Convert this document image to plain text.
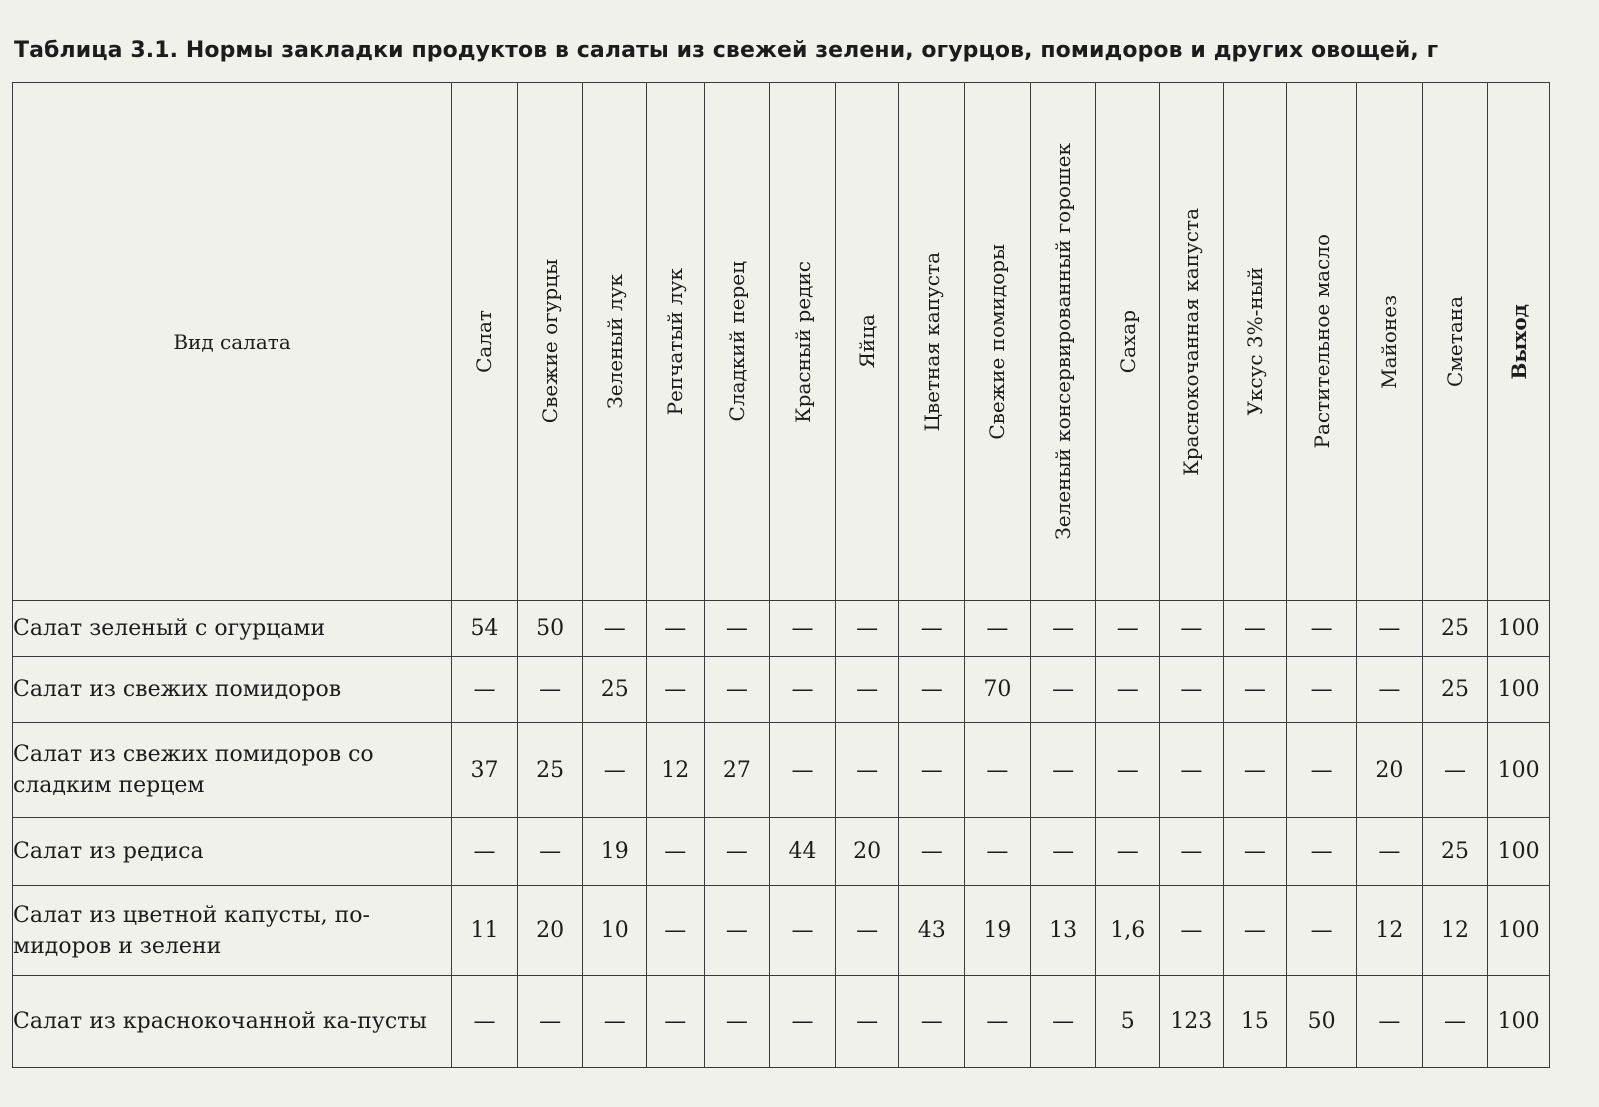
Таблица 3.1. Нормы закладки продуктов в салаты из свежей зелени, огурцов, помидоров и других овощей, г
Вид салата	Салат	Свежие огурцы	Зеленый лук	Репчатый лук	Сладкий перец	Красный редис	Яйца	Цветная капуста	Свежие помидоры	Зеленый консервированный горошек	Сахар	Краснокочанная капуста	Уксус 3%-ный	Растительное масло	Майонез	Сметана	Выход

Салат зеленый с огурцами	54	50	—	—	—	—	—	—	—	—	—	—	—	—	—	25	100
Салат из свежих помидоров	—	—	25	—	—	—	—	—	70	—	—	—	—	—	—	25	100
Салат из свежих помидоров со сладким перцем	37	25	—	12	27	—	—	—	—	—	—	—	—	—	20	—	100
Салат из редиса	—	—	19	—	—	44	20	—	—	—	—	—	—	—	—	25	100
Салат из цветной капусты, по-мидоров и зелени	11	20	10	—	—	—	—	43	19	13	1,6	—	—	—	12	12	100
Салат из краснокочанной ка-пусты	—	—	—	—	—	—	—	—	—	—	5	123	15	50	—	—	100
